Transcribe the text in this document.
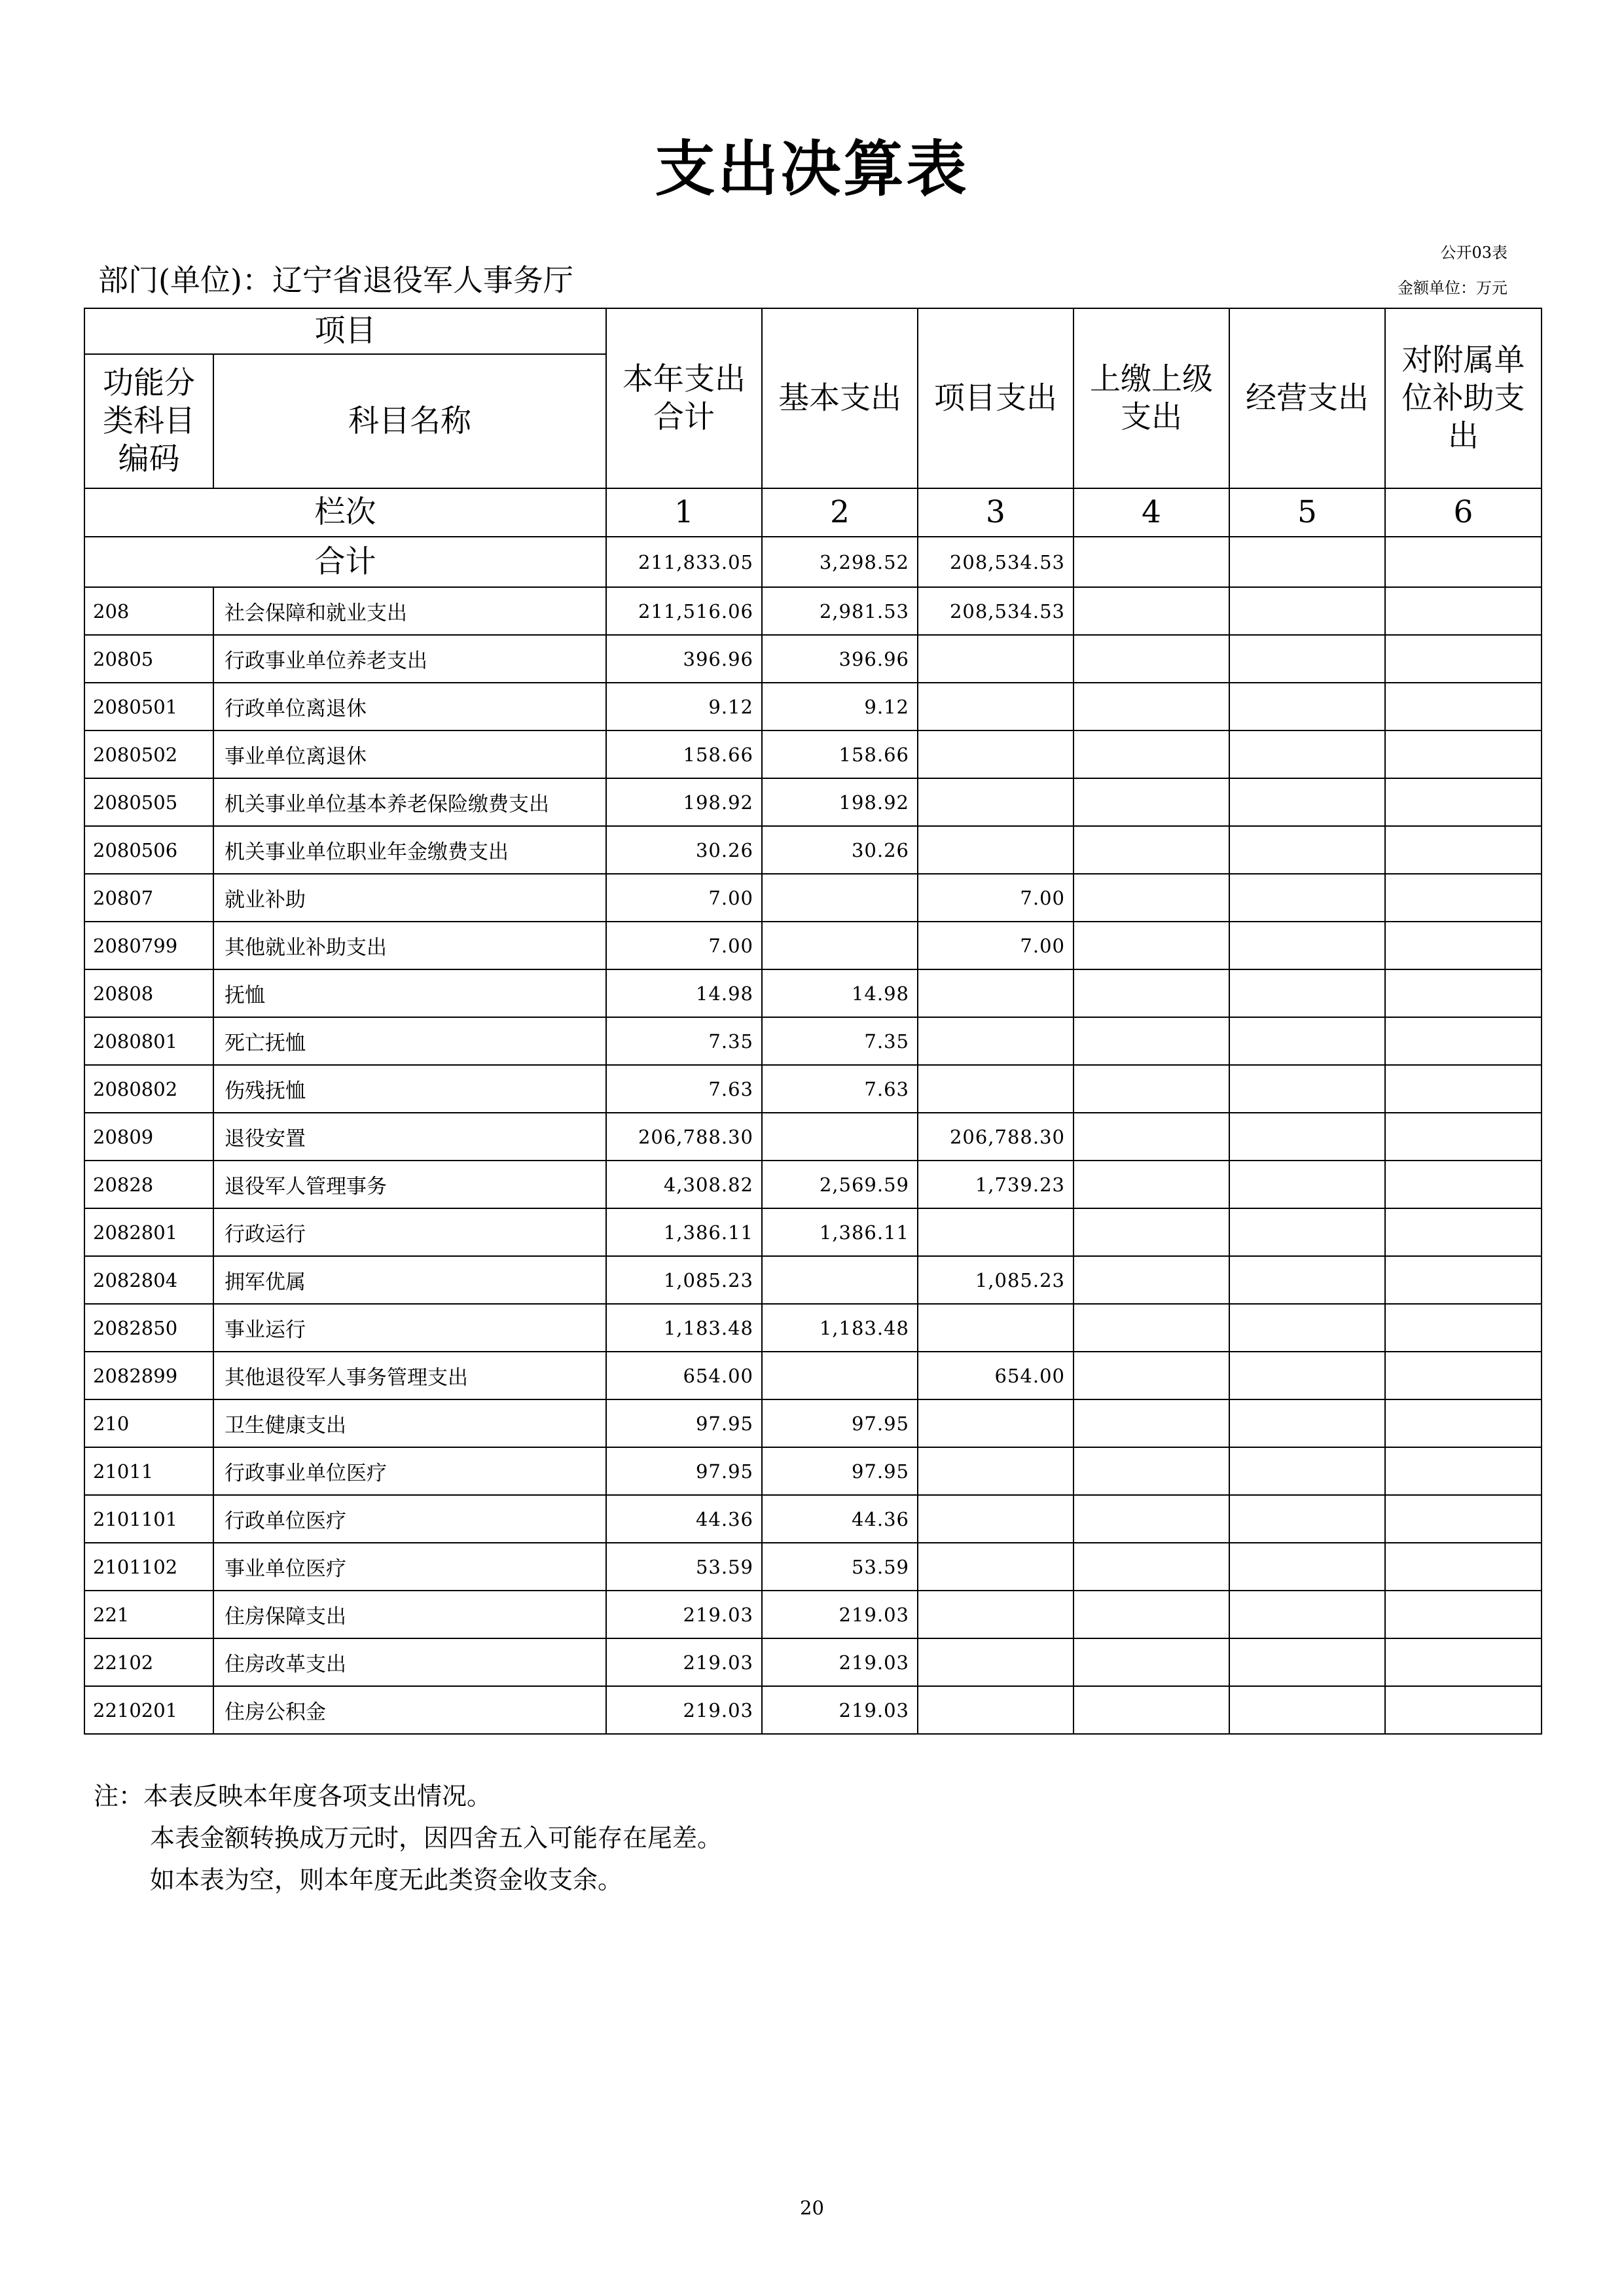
支出决算表
公开03表
金额单位：万元
部门(单位)：辽宁省退役军人事务厅
项目		本年支出合计	基本支出	项目支出	上缴上级支出	经营支出	对附属单位补助支出

功能分类科目编码	科目名称						
栏次		1	2	3	4	5	6
合计		211,833.05	3,298.52	208,534.53			
208	社会保障和就业支出	211,516.06	2,981.53	208,534.53			
20805	行政事业单位养老支出	396.96	396.96				
2080501	行政单位离退休	9.12	9.12				
2080502	事业单位离退休	158.66	158.66				
2080505	机关事业单位基本养老保险缴费支出	198.92	198.92				
2080506	机关事业单位职业年金缴费支出	30.26	30.26				
20807	就业补助	7.00		7.00			
2080799	其他就业补助支出	7.00		7.00			
20808	抚恤	14.98	14.98				
2080801	死亡抚恤	7.35	7.35				
2080802	伤残抚恤	7.63	7.63				
20809	退役安置	206,788.30		206,788.30			
20828	退役军人管理事务	4,308.82	2,569.59	1,739.23			
2082801	行政运行	1,386.11	1,386.11				
2082804	拥军优属	1,085.23		1,085.23			
2082850	事业运行	1,183.48	1,183.48				
2082899	其他退役军人事务管理支出	654.00		654.00			
210	卫生健康支出	97.95	97.95				
21011	行政事业单位医疗	97.95	97.95				
2101101	行政单位医疗	44.36	44.36				
2101102	事业单位医疗	53.59	53.59				
221	住房保障支出	219.03	219.03				
22102	住房改革支出	219.03	219.03				
2210201	住房公积金	219.03	219.03				
注：本表反映本年度各项支出情况。
本表金额转换成万元时，因四舍五入可能存在尾差。
如本表为空，则本年度无此类资金收支余。
20
